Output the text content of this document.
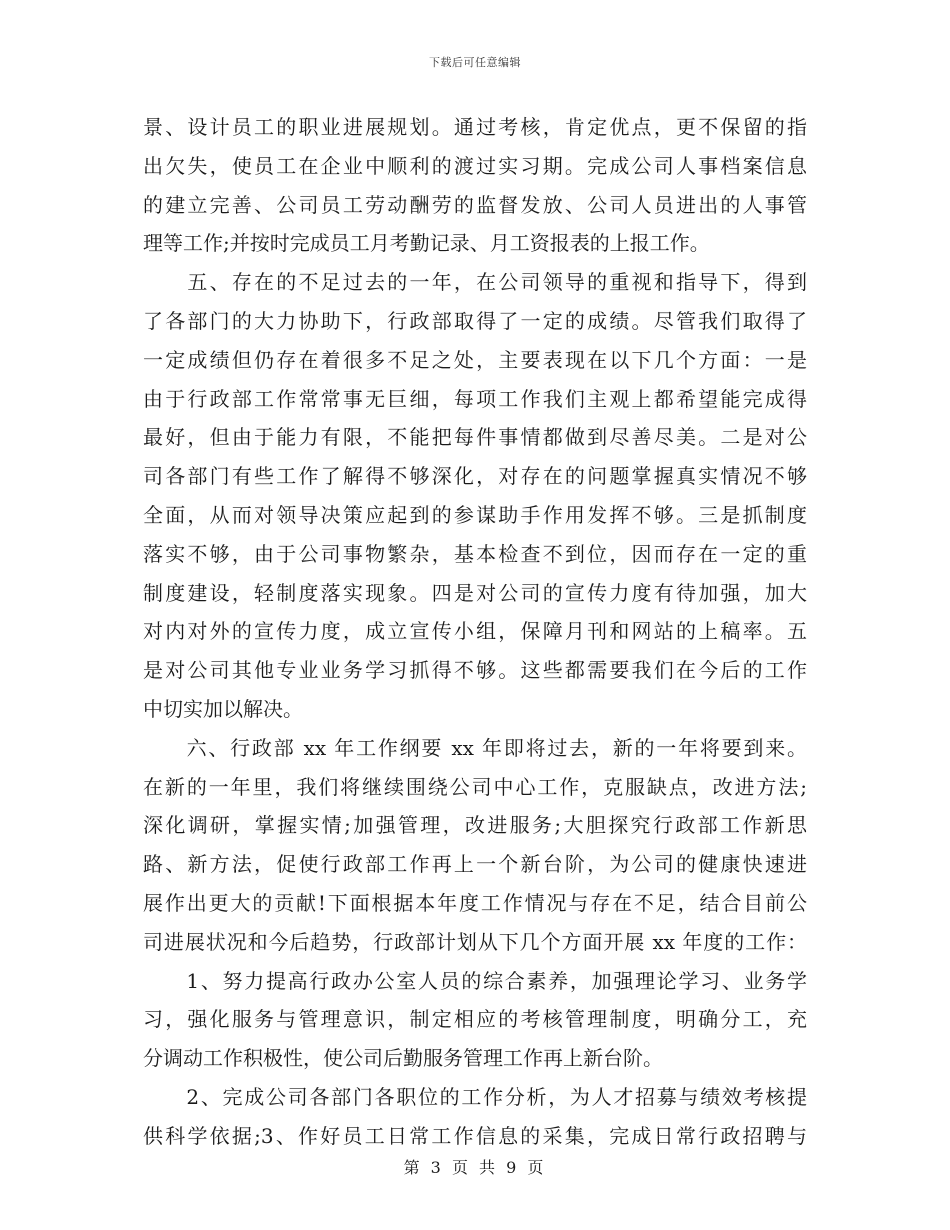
下载后可任意编辑
景、设计员工的职业进展规划。通过考核，肯定优点，更不保留的指
出欠失，使员工在企业中顺利的渡过实习期。完成公司人事档案信息
的建立完善、公司员工劳动酬劳的监督发放、公司人员进出的人事管
理等工作;并按时完成员工月考勤记录、月工资报表的上报工作。
　　五、存在的不足过去的一年，在公司领导的重视和指导下，得到
了各部门的大力协助下，行政部取得了一定的成绩。尽管我们取得了
一定成绩但仍存在着很多不足之处，主要表现在以下几个方面：一是
由于行政部工作常常事无巨细，每项工作我们主观上都希望能完成得
最好，但由于能力有限，不能把每件事情都做到尽善尽美。二是对公
司各部门有些工作了解得不够深化，对存在的问题掌握真实情况不够
全面，从而对领导决策应起到的参谋助手作用发挥不够。三是抓制度
落实不够，由于公司事物繁杂，基本检查不到位，因而存在一定的重
制度建设，轻制度落实现象。四是对公司的宣传力度有待加强，加大
对内对外的宣传力度，成立宣传小组，保障月刊和网站的上稿率。五
是对公司其他专业业务学习抓得不够。这些都需要我们在今后的工作
中切实加以解决。
　　六、行政部 xx 年工作纲要 xx 年即将过去，新的一年将要到来。
在新的一年里，我们将继续围绕公司中心工作，克服缺点，改进方法;
深化调研，掌握实情;加强管理，改进服务;大胆探究行政部工作新思
路、新方法，促使行政部工作再上一个新台阶，为公司的健康快速进
展作出更大的贡献!下面根据本年度工作情况与存在不足，结合目前公
司进展状况和今后趋势，行政部计划从下几个方面开展 xx 年度的工作：
　　1、努力提高行政办公室人员的综合素养，加强理论学习、业务学
习，强化服务与管理意识，制定相应的考核管理制度，明确分工，充
分调动工作积极性，使公司后勤服务管理工作再上新台阶。
　　2、完成公司各部门各职位的工作分析，为人才招募与绩效考核提
供科学依据;3、作好员工日常工作信息的采集，完成日常行政招聘与
第 3 页 共 9 页
